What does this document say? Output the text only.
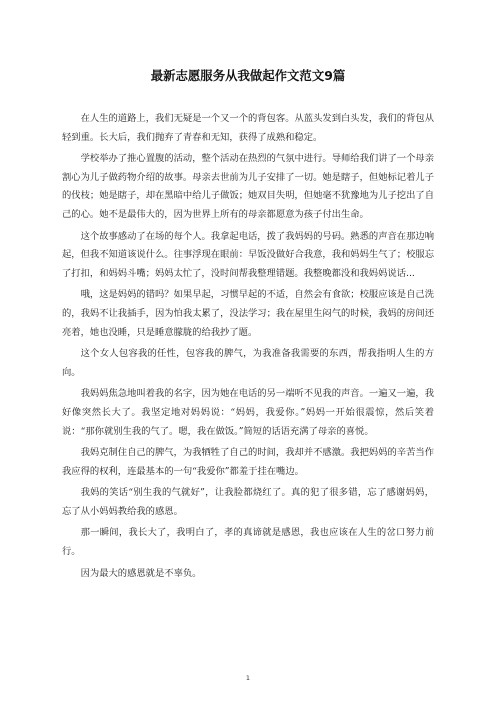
最新志愿服务从我做起作文范文9篇

在人生的道路上，我们无疑是一个又一个的背包客。从蓝头发到白头发，我们的背包从轻到重。长大后，我们抛弃了青春和无知，获得了成熟和稳定。

学校举办了推心置腹的活动，整个活动在热烈的气氛中进行。导师给我们讲了一个母亲割心为儿子做药物介绍的故事。母亲去世前为儿子安排了一切。她是瞎子，但她标记着儿子的伐枝；她是瞎子，却在黑暗中给儿子做饭；她双目失明，但她毫不犹豫地为儿子挖出了自己的心。她不是最伟大的，因为世界上所有的母亲都愿意为孩子付出生命。

这个故事感动了在场的每个人。我拿起电话，拨了我妈妈的号码。熟悉的声音在那边响起，但我不知道该说什么。往事浮现在眼前：早饭没做好合我意，我和妈妈生气了；校服忘了打扣，和妈妈斗嘴；妈妈太忙了，没时间帮我整理错题。我整晚都没和我妈妈说话...

哦，这是妈妈的错吗？如果早起，习惯早起的不适，自然会有食欲；校服应该是自己洗的，我妈不让我插手，因为怕我太累了，没法学习；我在屋里生闷气的时候，我妈的房间还亮着，她也没睡，只是睡意朦胧的给我抄了题。

这个女人包容我的任性，包容我的脾气，为我准备我需要的东西，帮我指明人生的方向。

我妈妈焦急地叫着我的名字，因为她在电话的另一端听不见我的声音。一遍又一遍，我好像突然长大了。我坚定地对妈妈说：“妈妈，我爱你。”妈妈一开始很震惊，然后笑着说：“那你就别生我的气了。嗯，我在做饭。”简短的话语充满了母亲的喜悦。

我妈克制住自己的脾气，为我牺牲了自己的时间，我却并不感激。我把妈妈的辛苦当作我应得的权利，连最基本的一句“我爱你”都羞于挂在嘴边。

我妈的笑话“别生我的气就好”，让我脸都烧红了。真的犯了很多错，忘了感谢妈妈，忘了从小妈妈教给我的感恩。

那一瞬间，我长大了，我明白了，孝的真谛就是感恩，我也应该在人生的岔口努力前行。

因为最大的感恩就是不辜负。

1
